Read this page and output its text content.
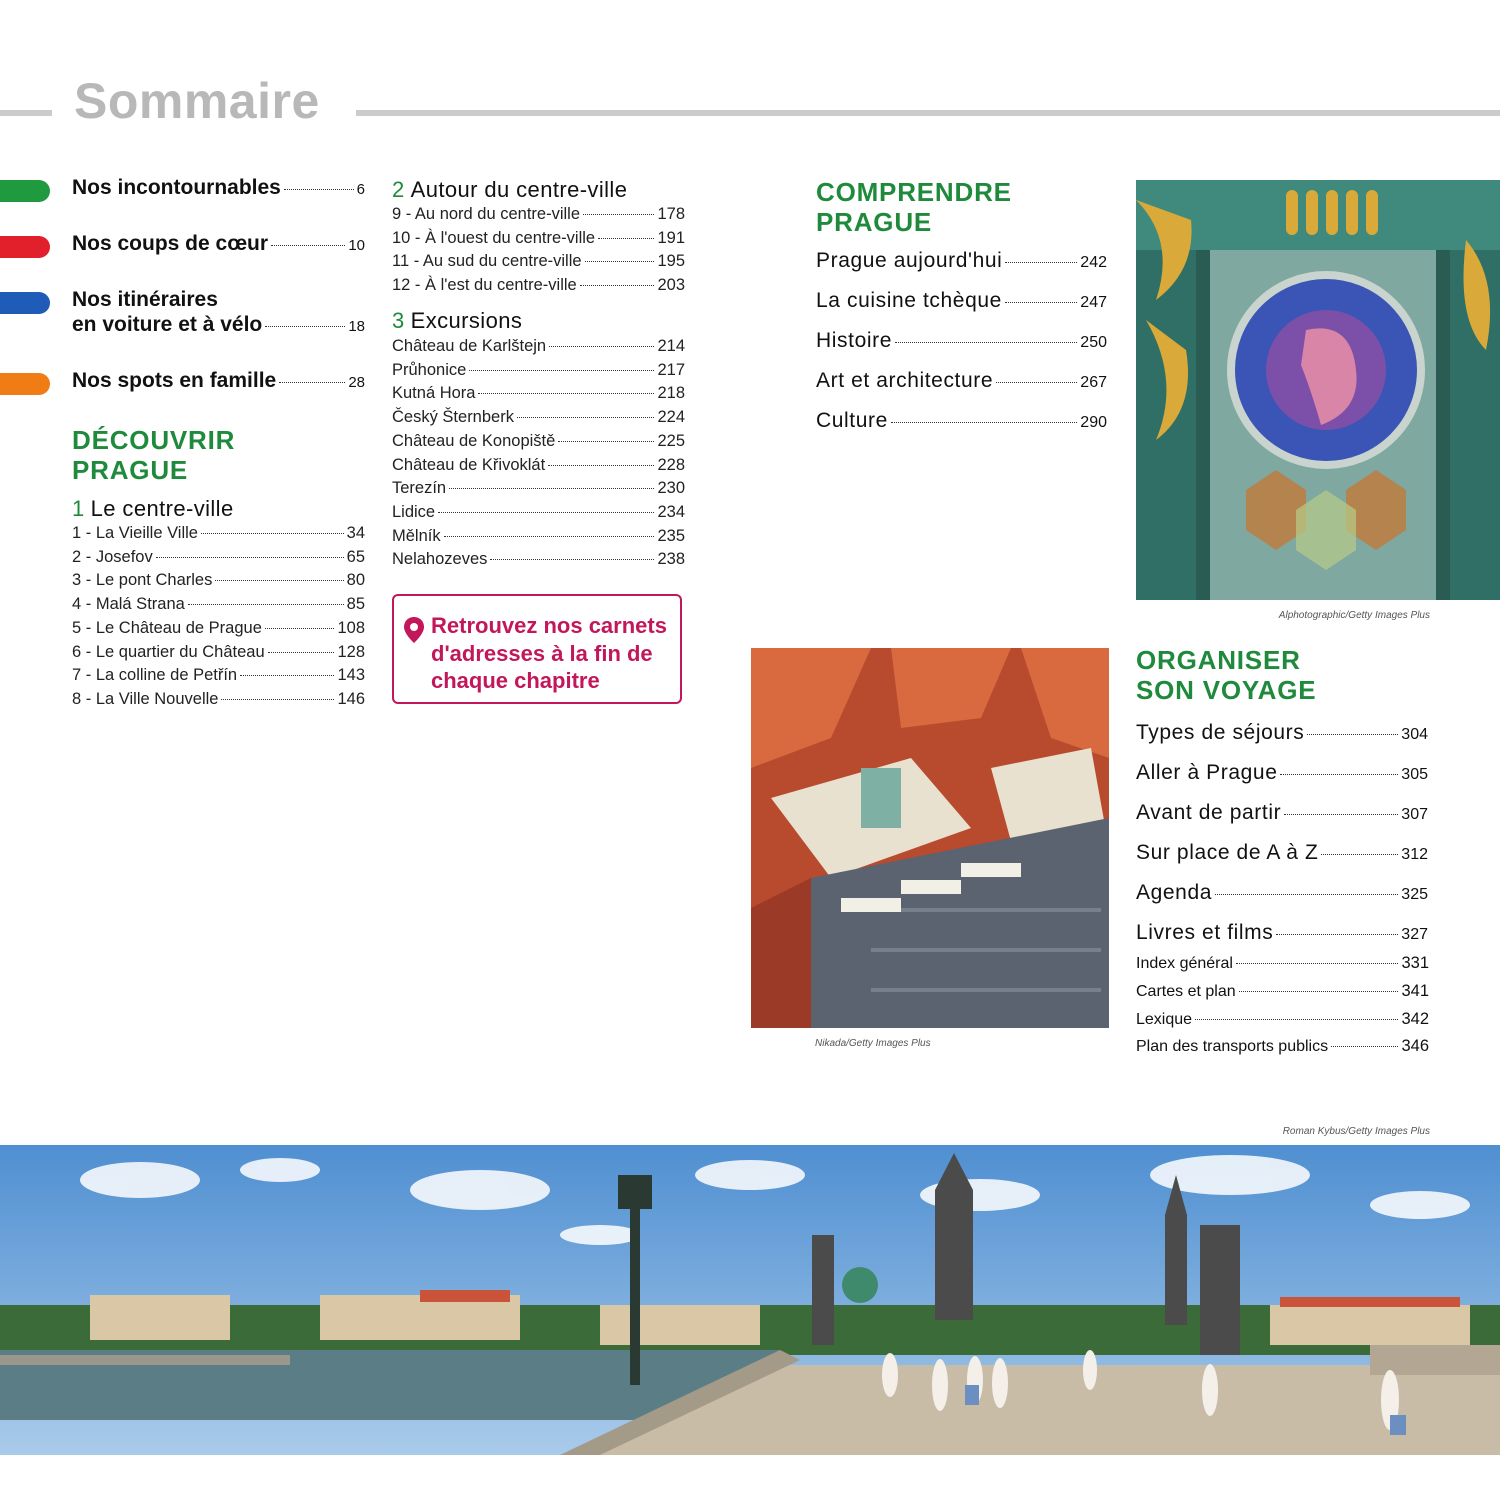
Sommaire
Nos incontournables	6
Nos coups de cœur	10
Nos itinéraires
en voiture et à vélo	18
Nos spots en famille	28
DÉCOUVRIR
PRAGUE
1 Le centre-ville
1 - La Vieille Ville	34
2 - Josefov	65
3 - Le pont Charles	80
4 - Malá Strana	85
5 - Le Château de Prague	108
6 - Le quartier du Château	128
7 - La colline de Petřín	143
8 - La Ville Nouvelle	146
2 Autour du centre-ville
9 - Au nord du centre-ville	178
10 - À l'ouest du centre-ville	191
11 - Au sud du centre-ville	195
12 - À l'est du centre-ville	203
3 Excursions
Château de Karlštejn	214
Průhonice	217
Kutná Hora	218
Český Šternberk	224
Château de Konopiště	225
Château de Křivoklát	228
Terezín	230
Lidice	234
Mělník	235
Nelahozeves	238
Retrouvez nos carnets
d'adresses à la fin de
chaque chapitre
COMPRENDRE
PRAGUE
Prague aujourd'hui	242
La cuisine tchèque	247
Histoire	250
Art et architecture	267
Culture	290
Alphotographic/Getty Images Plus
Nikada/Getty Images Plus
ORGANISER
SON VOYAGE
Types de séjours	304
Aller à Prague	305
Avant de partir	307
Sur place de A à Z	312
Agenda	325
Livres et films	327
Index général	331
Cartes et plan	341
Lexique	342
Plan des transports publics	346
Roman Kybus/Getty Images Plus
